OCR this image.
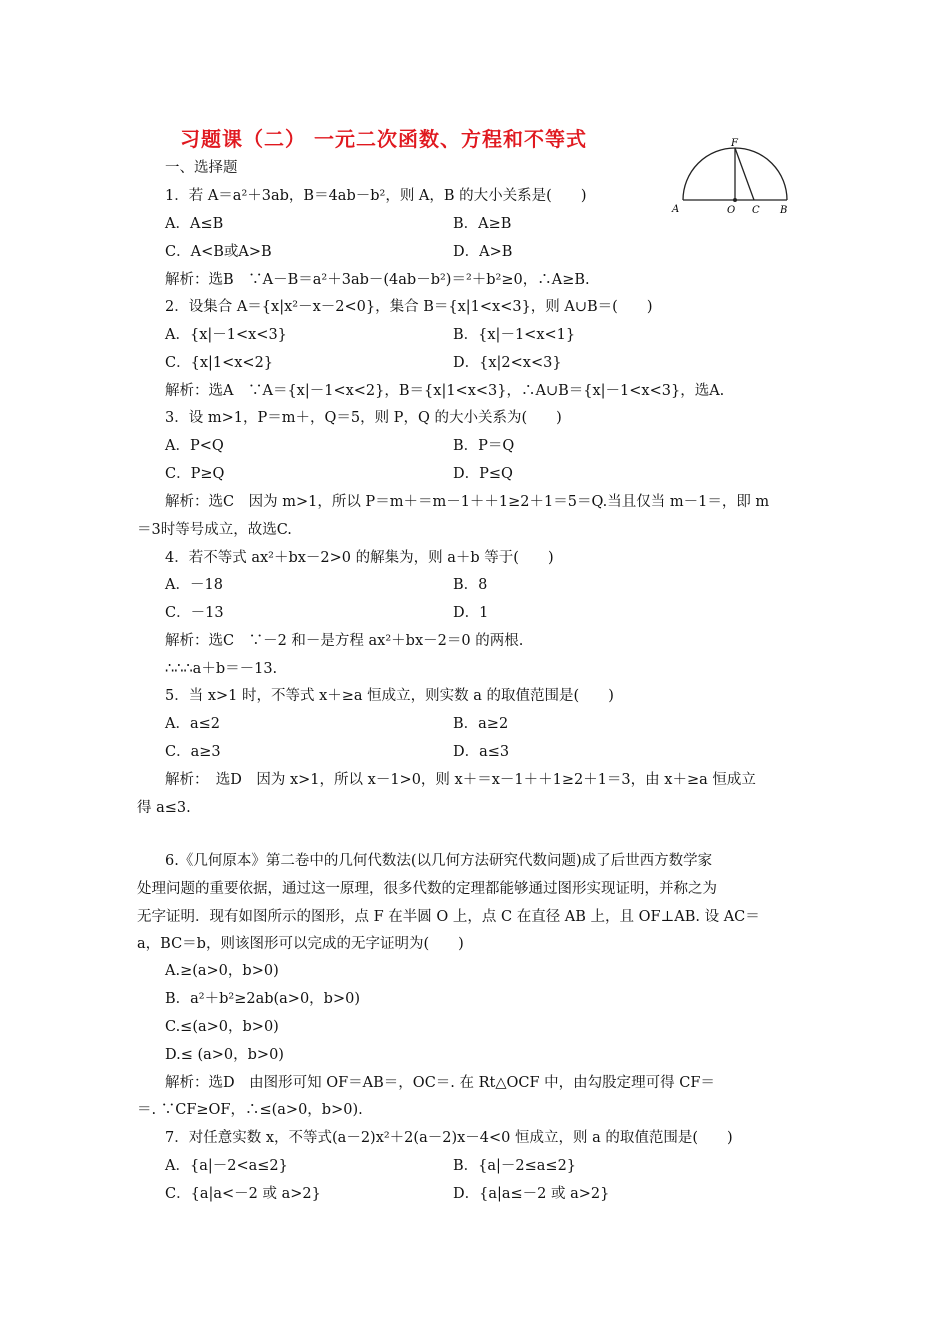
习题课（二） 一元二次函数、方程和不等式	F
A	O C B
一、选择题
1．若 A＝a²＋3ab，B＝4ab－b²，则 A，B 的大小关系是(　　)
A．A≤B	B．A≥B
C．A<B或A>B	D．A>B
解析：选B　∵A－B＝a²＋3ab－(4ab－b²)＝²＋b²≥0，∴A≥B.
2．设集合 A＝{x|x²－x－2<0}，集合 B＝{x|1<x<3}，则 A∪B＝(　　)
A．{x|－1<x<3}	B．{x|－1<x<1}
C．{x|1<x<2}	D．{x|2<x<3}
解析：选A　∵A＝{x|－1<x<2}，B＝{x|1<x<3}，∴A∪B＝{x|－1<x<3}，选A.
3．设 m>1，P＝m＋，Q＝5，则 P，Q 的大小关系为(　　)
A．P<Q	B．P＝Q
C．P≥Q	D．P≤Q
解析：选C　因为 m>1，所以 P＝m＋＝m－1＋＋1≥2＋1＝5＝Q.当且仅当 m－1＝，即 m
＝3时等号成立，故选C.
4．若不等式 ax²＋bx－2>0 的解集为，则 a＋b 等于(　　)
A．－18	B．8
C．－13	D．1
解析：选C　∵－2 和－是方程 ax²＋bx－2＝0 的两根.
∴∴∴a＋b＝－13.
5．当 x>1 时，不等式 x＋≥a 恒成立，则实数 a 的取值范围是(　　)
A．a≤2	B．a≥2
C．a≥3	D．a≤3
解析：　选D　因为 x>1，所以 x－1>0，则 x＋＝x－1＋＋1≥2＋1＝3，由 x＋≥a 恒成立
得 a≤3.
6.《几何原本》第二卷中的几何代数法(以几何方法研究代数问题)成了后世西方数学家
处理问题的重要依据，通过这一原理，很多代数的定理都能够通过图形实现证明，并称之为
无字证明．现有如图所示的图形，点 F 在半圆 O 上，点 C 在直径 AB 上，且 OF⊥AB. 设 AC＝
a，BC＝b，则该图形可以完成的无字证明为(　　)
A.≥(a>0，b>0)
B．a²＋b²≥2ab(a>0，b>0)
C.≤(a>0，b>0)
D.≤ (a>0，b>0)
解析：选D　由图形可知 OF＝AB＝，OC＝. 在 Rt△OCF 中，由勾股定理可得 CF＝
＝. ∵CF≥OF，∴≤(a>0，b>0).
7．对任意实数 x，不等式(a－2)x²＋2(a－2)x－4<0 恒成立，则 a 的取值范围是(　　)
A．{a|－2<a≤2}	B．{a|－2≤a≤2}
C．{a|a<－2 或 a>2}	D．{a|a≤－2 或 a>2}
